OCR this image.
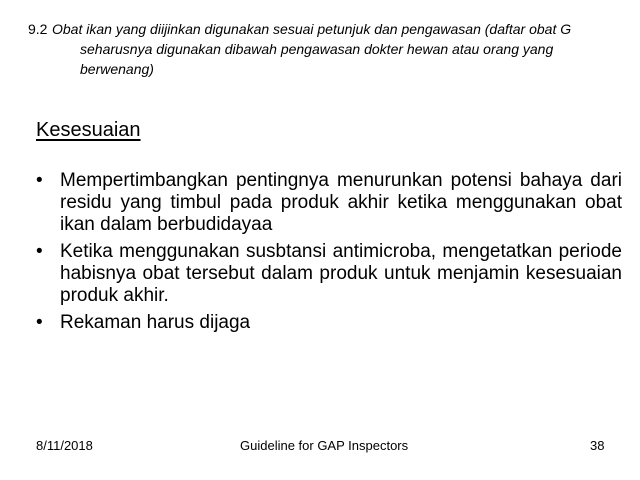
9.2 Obat ikan yang diijinkan digunakan sesuai petunjuk dan pengawasan (daftar obat G seharusnya digunakan dibawah pengawasan dokter hewan atau orang yang berwenang)
Kesesuaian
• Mempertimbangkan pentingnya menurunkan potensi bahaya dari residu yang timbul pada produk akhir ketika menggunakan obat ikan dalam berbudidayaa
• Ketika menggunakan susbtansi antimicroba, mengetatkan periode habisnya obat tersebut dalam produk untuk menjamin kesesuaian produk akhir.
• Rekaman harus dijaga
8/11/2018	Guideline for GAP Inspectors	38
